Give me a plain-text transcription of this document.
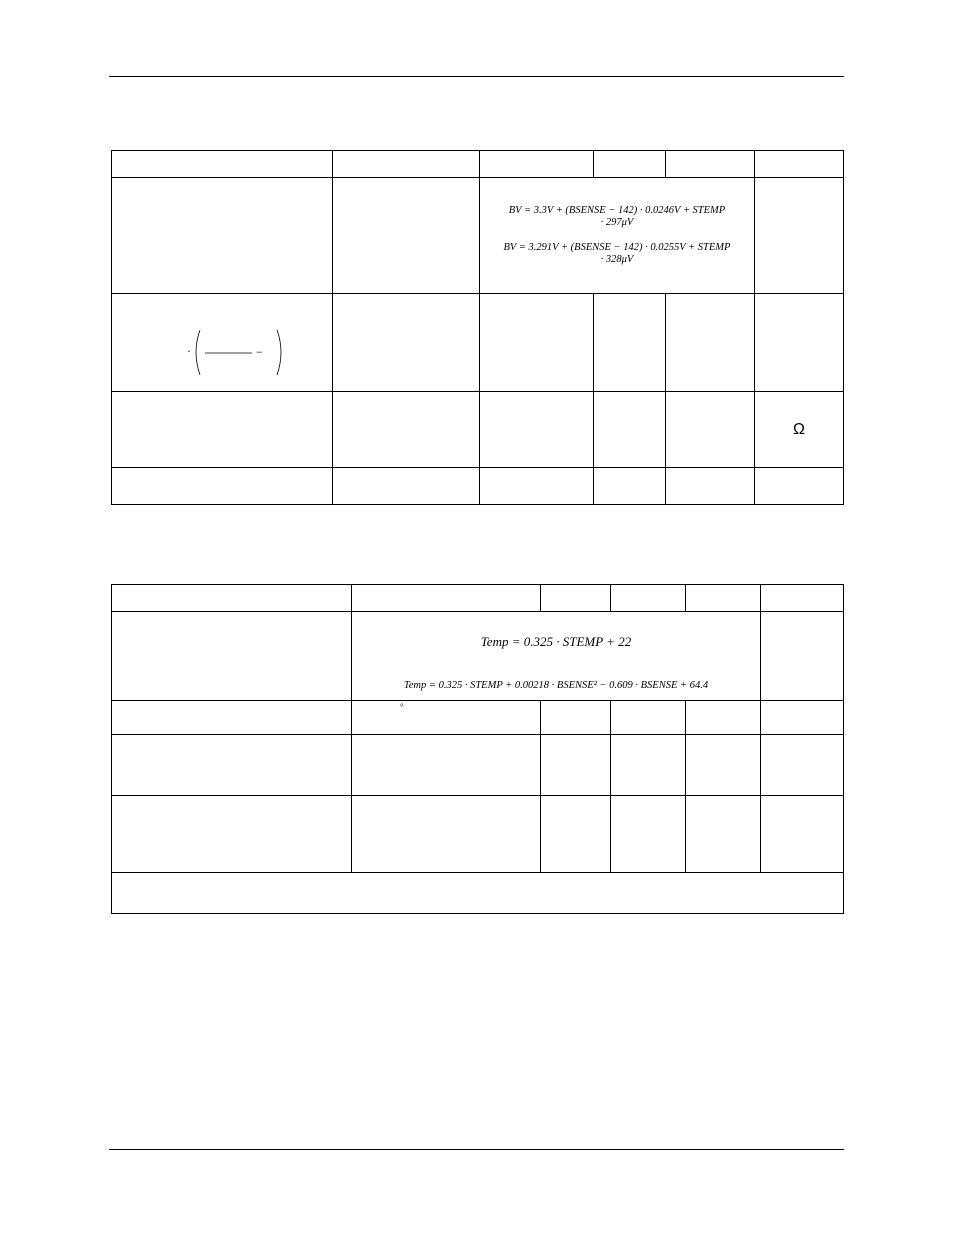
		BV = 3.3V + (BSENSE − 142) · 0.0246V + STEMP
· 297μV
BV = 3.291V + (BSENSE − 142) · 0.0255V + STEMP
· 328μV			

· −					

					Ω

	Temp = 0.325 · STEMP + 22
Temp = 0.325 · STEMP + 0.00218 · BSENSE² − 0.609 · BSENSE + 64.4				

	°				
